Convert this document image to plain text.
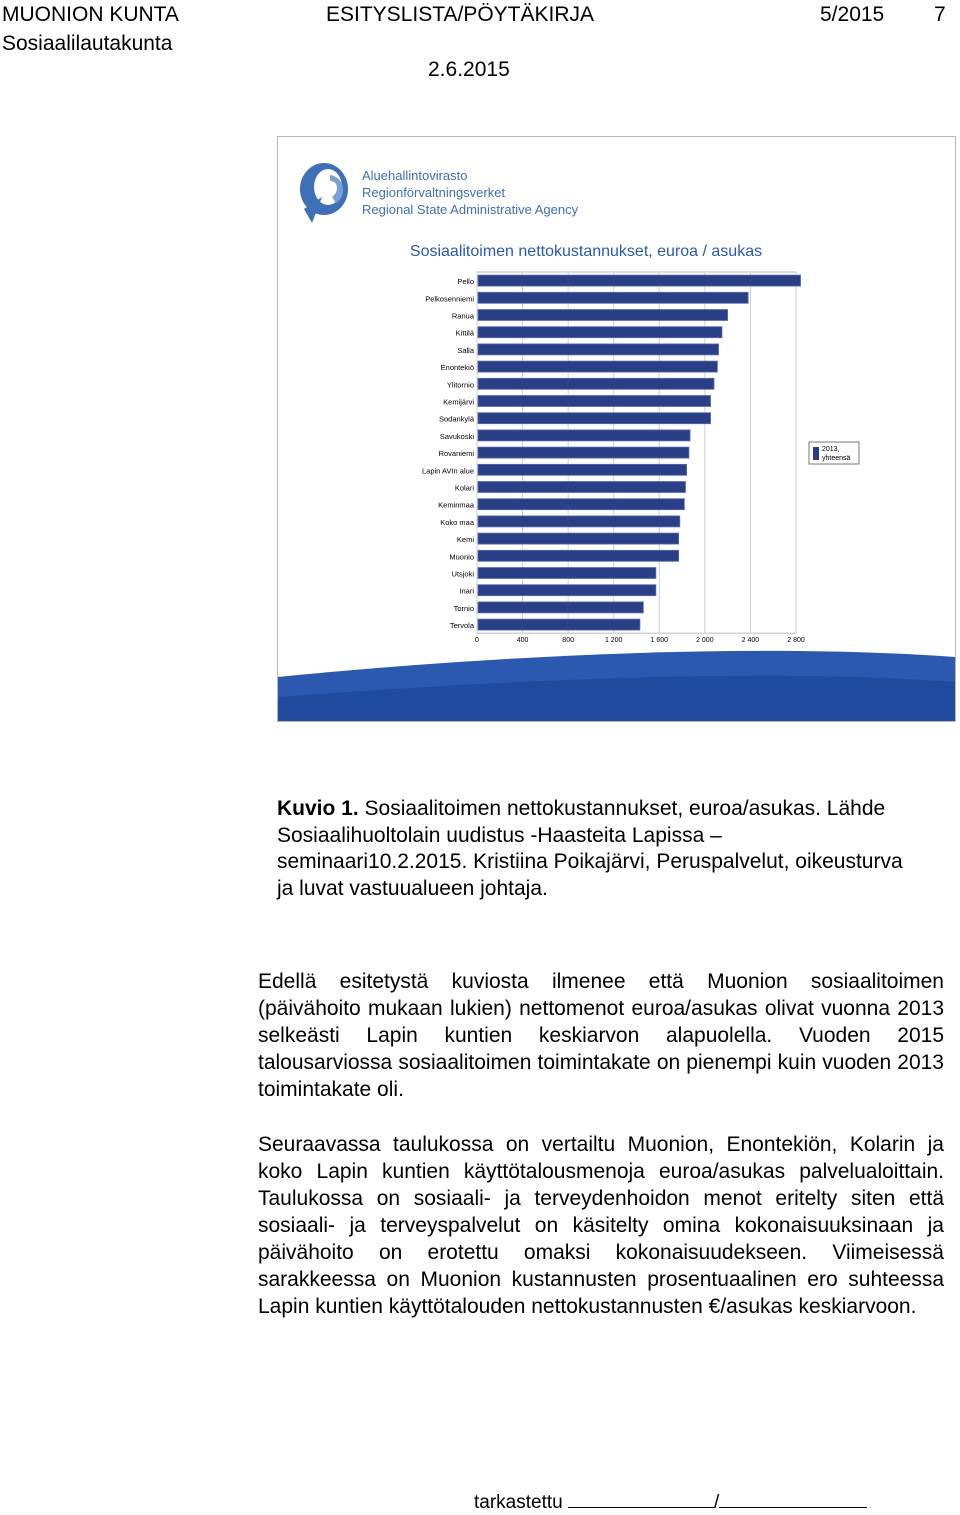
MUONION KUNTA
Sosiaalilautakunta
ESITYSLISTA/PÖYTÄKIRJA	5/2015 7
2.6.2015
Aluehallintovirasto
Regionförvaltningsverket
Regional State Administrative Agency
Sosiaalitoimen nettokustannukset, euroa / asukas
0	400	800	1 200	1 600	2 000	2 400	2 800
Pello
Pelkosenniemi
Ranua
Kittilä
Salla
Enontekiö
Ylitornio
Kemijärvi
Sodankylä
Savukoski
Rovaniemi
Lapin AVIn alue
Kolari
Keminmaa
Koko maa
Kemi
Muonio
Utsjoki
Inari
Tornio
Tervola
2013,
yhteensä
Kuvio 1. Sosiaalitoimen nettokustannukset, euroa/asukas. Lähde Sosiaalihuoltolain uudistus -Haasteita Lapissa – seminaari10.2.2015. Kristiina Poikajärvi, Peruspalvelut, oikeusturva ja luvat vastuualueen johtaja.

Edellä esitetystä kuviosta ilmenee että Muonion sosiaalitoimen (päivähoito mukaan lukien) nettomenot euroa/asukas olivat vuonna 2013 selkeästi Lapin kuntien keskiarvon alapuolella. Vuoden 2015 talousarviossa sosiaalitoimen toimintakate on pienempi kuin vuoden 2013 toimintakate oli.

Seuraavassa taulukossa on vertailtu Muonion, Enontekiön, Kolarin ja koko Lapin kuntien käyttötalousmenoja euroa/asukas palvelualoittain. Taulukossa on sosiaali- ja terveydenhoidon menot eritelty siten että sosiaali- ja terveyspalvelut on käsitelty omina kokonaisuuksinaan ja päivähoito on erotettu omaksi kokonaisuudekseen. Viimeisessä sarakkeessa on Muonion kustannusten prosentuaalinen ero suhteessa Lapin kuntien käyttötalouden nettokustannusten €/asukas keskiarvoon.

tarkastettu	/
